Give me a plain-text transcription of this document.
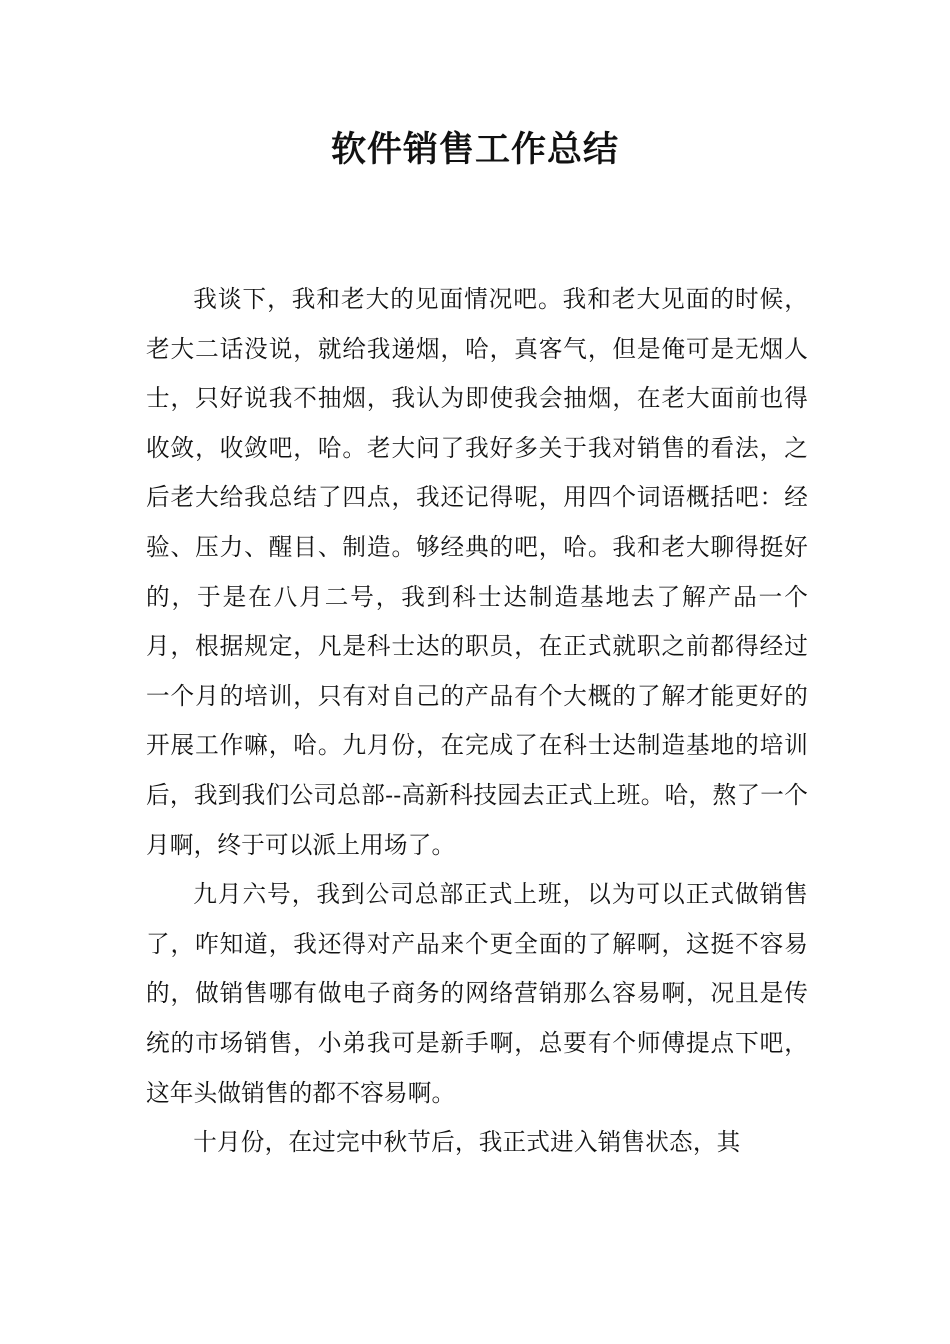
软件销售工作总结

我谈下，我和老大的见面情况吧。我和老大见面的时候，老大二话没说，就给我递烟，哈，真客气，但是俺可是无烟人士，只好说我不抽烟，我认为即使我会抽烟，在老大面前也得收敛，收敛吧，哈。老大问了我好多关于我对销售的看法，之后老大给我总结了四点，我还记得呢，用四个词语概括吧：经验、压力、醒目、制造。够经典的吧，哈。我和老大聊得挺好的，于是在八月二号，我到科士达制造基地去了解产品一个月，根据规定，凡是科士达的职员，在正式就职之前都得经过一个月的培训，只有对自己的产品有个大概的了解才能更好的开展工作嘛，哈。九月份，在完成了在科士达制造基地的培训后，我到我们公司总部--高新科技园去正式上班。哈，熬了一个月啊，终于可以派上用场了。

九月六号，我到公司总部正式上班，以为可以正式做销售了，咋知道，我还得对产品来个更全面的了解啊，这挺不容易的，做销售哪有做电子商务的网络营销那么容易啊，况且是传统的市场销售，小弟我可是新手啊，总要有个师傅提点下吧，这年头做销售的都不容易啊。

十月份，在过完中秋节后，我正式进入销售状态，其
